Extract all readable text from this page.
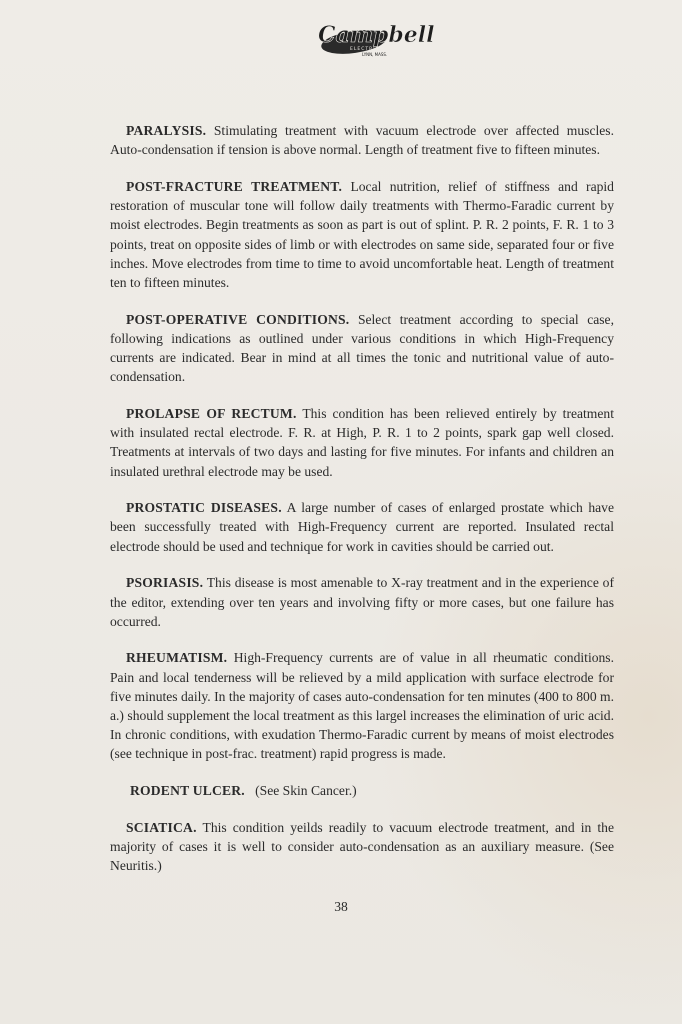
Campbell
ELECTRIC
LYNN, MASS.

PARALYSIS. Stimulating treatment with vacuum electrode over affected muscles. Auto-condensation if tension is above normal. Length of treatment five to fifteen minutes.

POST-FRACTURE TREATMENT. Local nutrition, relief of stiffness and rapid restoration of muscular tone will follow daily treatments with Thermo-Faradic current by moist electrodes. Begin treatments as soon as part is out of splint. P. R. 2 points, F. R. 1 to 3 points, treat on opposite sides of limb or with electrodes on same side, separated four or five inches. Move electrodes from time to time to avoid uncomfortable heat. Length of treatment ten to fifteen minutes.

POST-OPERATIVE CONDITIONS. Select treatment according to special case, following indications as outlined under various conditions in which High-Frequency currents are indicated. Bear in mind at all times the tonic and nutritional value of auto-condensation.

PROLAPSE OF RECTUM. This condition has been relieved entirely by treatment with insulated rectal electrode. F. R. at High, P. R. 1 to 2 points, spark gap well closed. Treatments at intervals of two days and lasting for five minutes. For infants and children an insulated urethral electrode may be used.

PROSTATIC DISEASES. A large number of cases of enlarged prostate which have been successfully treated with High-Frequency current are reported. Insulated rectal electrode should be used and technique for work in cavities should be carried out.

PSORIASIS. This disease is most amenable to X-ray treatment and in the experience of the editor, extending over ten years and involving fifty or more cases, but one failure has occurred.

RHEUMATISM. High-Frequency currents are of value in all rheumatic conditions. Pain and local tenderness will be relieved by a mild application with surface electrode for five minutes daily. In the majority of cases auto-condensation for ten minutes (400 to 800 m. a.) should supplement the local treatment as this largel increases the elimination of uric acid. In chronic conditions, with exudation Thermo-Faradic current by means of moist electrodes (see technique in post-frac. treatment) rapid progress is made.

RODENT ULCER. (See Skin Cancer.)

SCIATICA. This condition yeilds readily to vacuum electrode treatment, and in the majority of cases it is well to consider auto-condensation as an auxiliary measure. (See Neuritis.)

38
